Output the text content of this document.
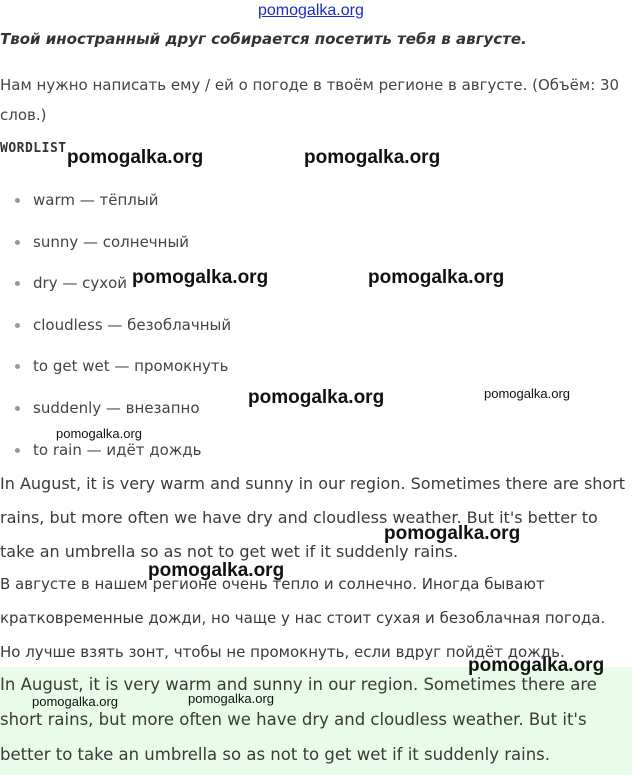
pomogalka.org
Твой иностранный друг собирается посетить тебя в августе.
Нам нужно написать ему / ей о погоде в твоём регионе в августе. (Объём: 30 слов.)
WORDLIST
warm — тёплый
sunny — солнечный
dry — сухой
cloudless — безоблачный
to get wet — промокнуть
suddenly — внезапно
to rain — идёт дождь
In August, it is very warm and sunny in our region. Sometimes there are short rains, but more often we have dry and cloudless weather. But it's better to take an umbrella so as not to get wet if it suddenly rains.
В августе в нашем регионе очень тепло и солнечно. Иногда бывают кратковременные дожди, но чаще у нас стоит сухая и безоблачная погода. Но лучше взять зонт, чтобы не промокнуть, если вдруг пойдёт дождь.
In August, it is very warm and sunny in our region. Sometimes there are short rains, but more often we have dry and cloudless weather. But it's better to take an umbrella so as not to get wet if it suddenly rains.
pomogalka.org	pomogalka.org
pomogalka.org	pomogalka.org
pomogalka.org	pomogalka.org
pomogalka.org
pomogalka.org
pomogalka.org
pomogalka.org
pomogalka.org	pomogalka.org
